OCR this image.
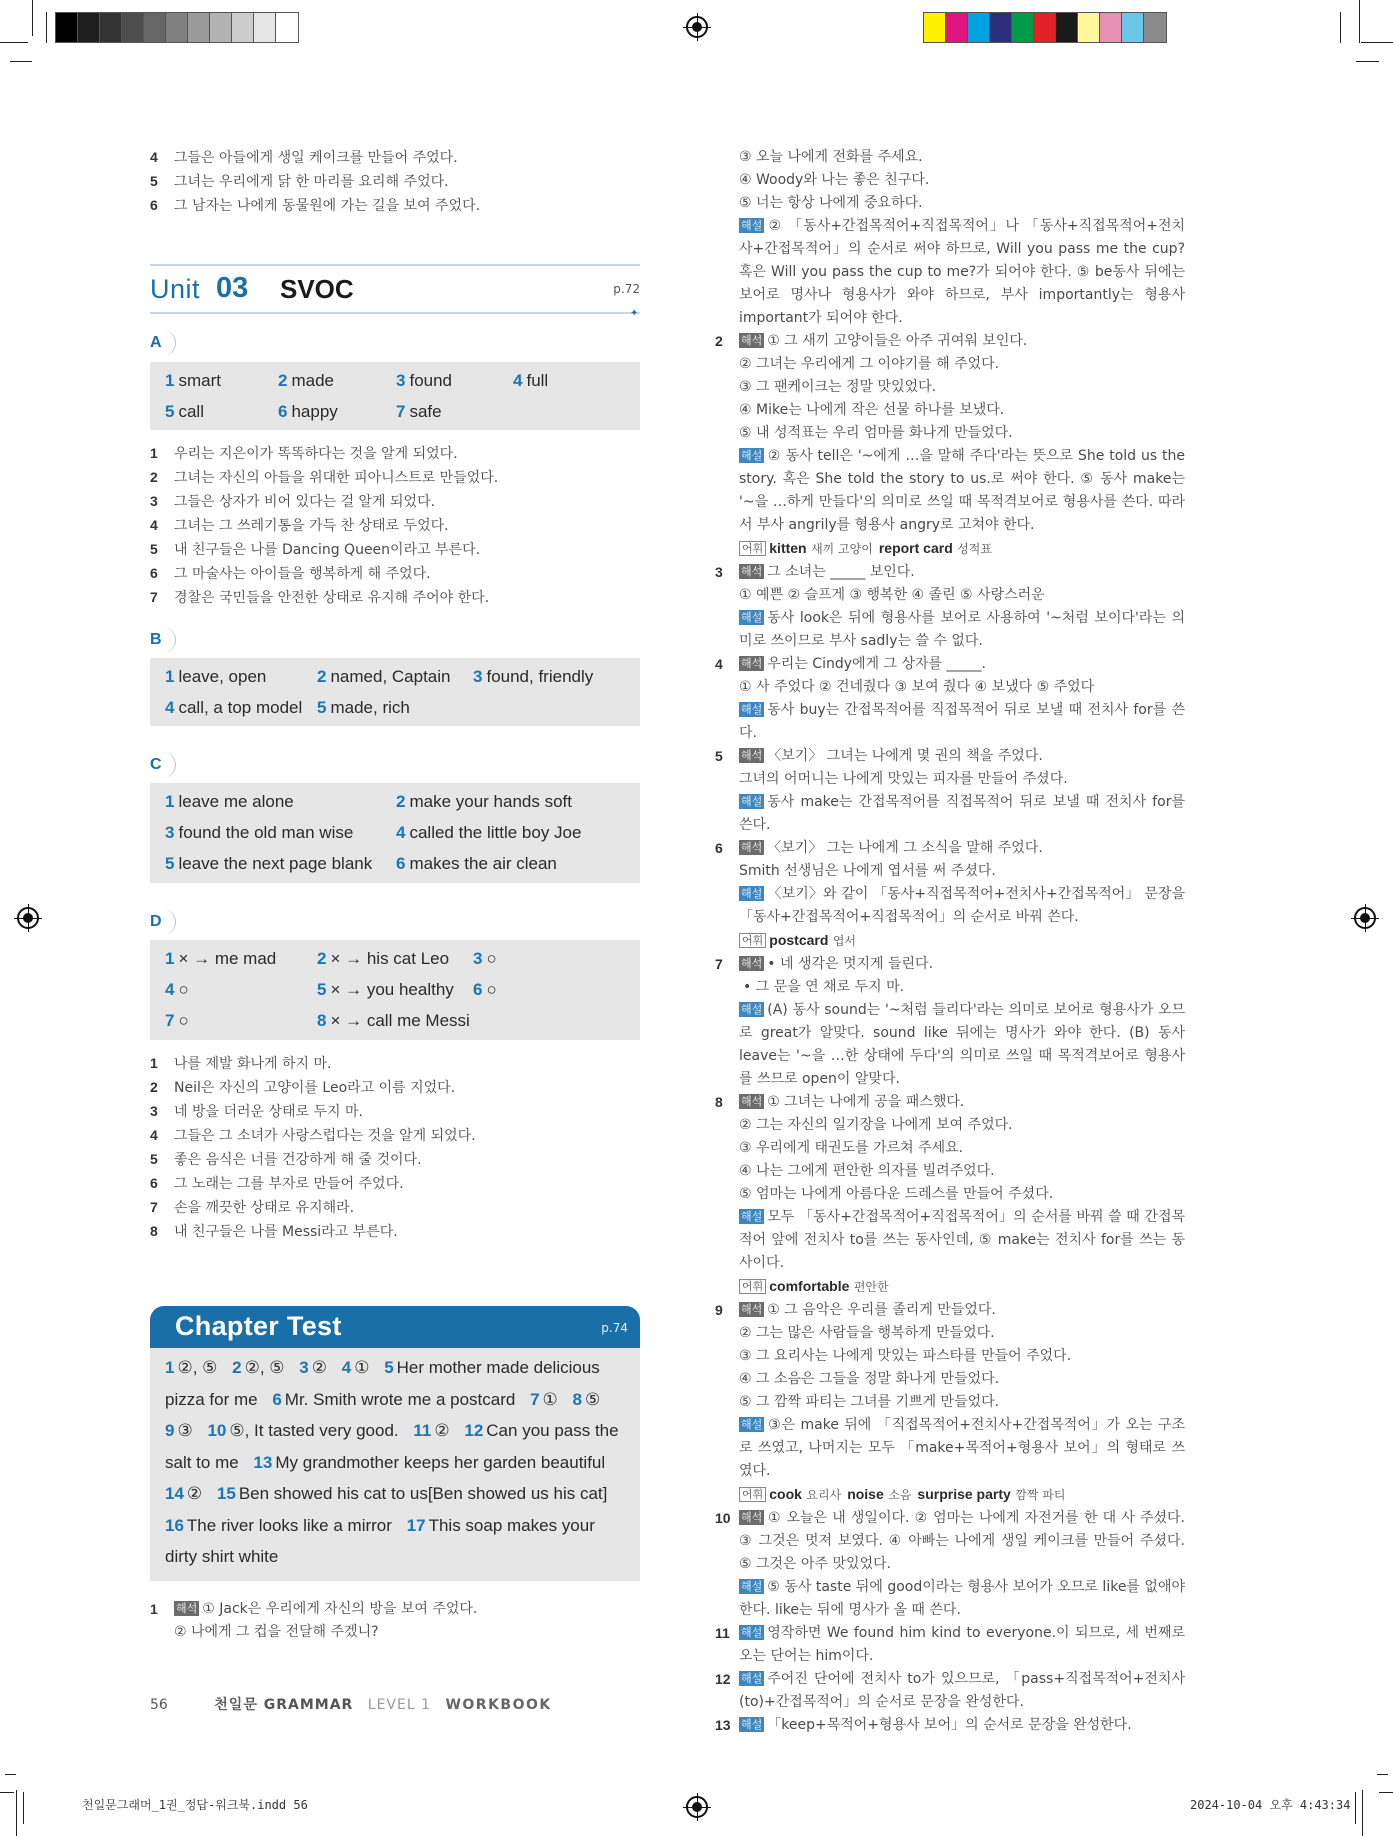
천일문그래머_1권_정답-워크북.indd 56	2024-10-04 오후 4:43:34
4 그들은 아들에게 생일 케이크를 만들어 주었다.
5 그녀는 우리에게 닭 한 마리를 요리해 주었다.
6 그 남자는 나에게 동물원에 가는 길을 보여 주었다.
Unit 03 SVOC	p.72
✦
A
1 smart	2 made	3 found	4 full
5 call	6 happy	7 safe
1 우리는 지은이가 똑똑하다는 것을 알게 되었다.
2 그녀는 자신의 아들을 위대한 피아니스트로 만들었다.
3 그들은 상자가 비어 있다는 걸 알게 되었다.
4 그녀는 그 쓰레기통을 가득 찬 상태로 두었다.
5 내 친구들은 나를 Dancing Queen이라고 부른다.
6 그 마술사는 아이들을 행복하게 해 주었다.
7 경찰은 국민들을 안전한 상태로 유지해 주어야 한다.
B
1 leave, open	2 named, Captain 3 found, friendly
4 call, a top model 5 made, rich
C
1 leave me alone	2 make your hands soft
3 found the old man wise	4 called the little boy Joe
5 leave the next page blank 6 makes the air clean
D
1 × → me mad 2 × → his cat Leo 3 ○
4 ○	5 × → you healthy 6 ○
7 ○	8 × → call me Messi
1 나를 제발 화나게 하지 마.
2 Neil은 자신의 고양이를 Leo라고 이름 지었다.
3 네 방을 더러운 상태로 두지 마.
4 그들은 그 소녀가 사랑스럽다는 것을 알게 되었다.
5 좋은 음식은 너를 건강하게 해 줄 것이다.
6 그 노래는 그를 부자로 만들어 주었다.
7 손을 깨끗한 상태로 유지해라.
8 내 친구들은 나를 Messi라고 부른다.
Chapter Test	p.74
1 ②, ⑤ 2 ②, ⑤ 3 ② 4 ① 5 Her mother made delicious pizza for me 6 Mr. Smith wrote me a postcard 7 ① 8 ⑤ 9 ③ 10 ⑤, It tasted very good. 11 ② 12 Can you pass the salt to me 13 My grandmother keeps her garden beautiful 14 ② 15 Ben showed his cat to us[Ben showed us his cat] 16 The river looks like a mirror 17 This soap makes your dirty shirt white
1	해석 ① Jack은 우리에게 자신의 방을 보여 주었다.
② 나에게 그 컵을 전달해 주겠니?
③ 오늘 나에게 전화를 주세요.
④ Woody와 나는 좋은 친구다.
⑤ 너는 항상 나에게 중요하다.
해설 ② 「동사+간접목적어+직접목적어」나 「동사+직접목적어+전치사+간접목적어」의 순서로 써야 하므로, Will you pass me the cup? 혹은 Will you pass the cup to me?가 되어야 한다. ⑤ be동사 뒤에는 보어로 명사나 형용사가 와야 하므로, 부사 importantly는 형용사 important가 되어야 한다.
2	해석 ① 그 새끼 고양이들은 아주 귀여워 보인다.
② 그녀는 우리에게 그 이야기를 해 주었다.
③ 그 팬케이크는 정말 맛있었다.
④ Mike는 나에게 작은 선물 하나를 보냈다.
⑤ 내 성적표는 우리 엄마를 화나게 만들었다.
해설 ② 동사 tell은 '~에게 …을 말해 주다'라는 뜻으로 She told us the story. 혹은 She told the story to us.로 써야 한다. ⑤ 동사 make는 '~을 …하게 만들다'의 의미로 쓰일 때 목적격보어로 형용사를 쓴다. 따라서 부사 angrily를 형용사 angry로 고쳐야 한다.
어휘 kitten 새끼 고양이 report card 성적표
3	해석 그 소녀는 _____ 보인다.
① 예쁜 ② 슬프게 ③ 행복한 ④ 졸린 ⑤ 사랑스러운
해설 동사 look은 뒤에 형용사를 보어로 사용하여 '~처럼 보이다'라는 의미로 쓰이므로 부사 sadly는 쓸 수 없다.
4	해석 우리는 Cindy에게 그 상자를 _____.
① 사 주었다 ② 건네줬다 ③ 보여 줬다 ④ 보냈다 ⑤ 주었다
해설 동사 buy는 간접목적어를 직접목적어 뒤로 보낼 때 전치사 for를 쓴다.
5	해석 〈보기〉 그녀는 나에게 몇 권의 책을 주었다.
그녀의 어머니는 나에게 맛있는 피자를 만들어 주셨다.
해설 동사 make는 간접목적어를 직접목적어 뒤로 보낼 때 전치사 for를 쓴다.
6	해석 〈보기〉 그는 나에게 그 소식을 말해 주었다.
Smith 선생님은 나에게 엽서를 써 주셨다.
해설 〈보기〉와 같이 「동사+직접목적어+전치사+간접목적어」 문장을 「동사+간접목적어+직접목적어」의 순서로 바꿔 쓴다.
어휘 postcard 엽서
7	해석 • 네 생각은 멋지게 들린다.
• 그 문을 연 채로 두지 마.
해설 (A) 동사 sound는 '~처럼 들리다'라는 의미로 보어로 형용사가 오므로 great가 알맞다. sound like 뒤에는 명사가 와야 한다. (B) 동사 leave는 '~을 …한 상태에 두다'의 의미로 쓰일 때 목적격보어로 형용사를 쓰므로 open이 알맞다.
8	해석 ① 그녀는 나에게 공을 패스했다.
② 그는 자신의 일기장을 나에게 보여 주었다.
③ 우리에게 태권도를 가르쳐 주세요.
④ 나는 그에게 편안한 의자를 빌려주었다.
⑤ 엄마는 나에게 아름다운 드레스를 만들어 주셨다.
해설 모두 「동사+간접목적어+직접목적어」의 순서를 바꿔 쓸 때 간접목적어 앞에 전치사 to를 쓰는 동사인데, ⑤ make는 전치사 for를 쓰는 동사이다.
어휘 comfortable 편안한
9	해석 ① 그 음악은 우리를 졸리게 만들었다.
② 그는 많은 사람들을 행복하게 만들었다.
③ 그 요리사는 나에게 맛있는 파스타를 만들어 주었다.
④ 그 소음은 그들을 정말 화나게 만들었다.
⑤ 그 깜짝 파티는 그녀를 기쁘게 만들었다.
해설 ③은 make 뒤에 「직접목적어+전치사+간접목적어」가 오는 구조로 쓰였고, 나머지는 모두 「make+목적어+형용사 보어」의 형태로 쓰였다.
어휘 cook 요리사 noise 소음 surprise party 깜짝 파티
10 해석 ① 오늘은 내 생일이다. ② 엄마는 나에게 자전거를 한 대 사 주셨다. ③ 그것은 멋져 보였다. ④ 아빠는 나에게 생일 케이크를 만들어 주셨다. ⑤ 그것은 아주 맛있었다.
해설 ⑤ 동사 taste 뒤에 good이라는 형용사 보어가 오므로 like를 없애야 한다. like는 뒤에 명사가 올 때 쓴다.
11	해설 영작하면 We found him kind to everyone.이 되므로, 세 번째로 오는 단어는 him이다.
12 해설 주어진 단어에 전치사 to가 있으므로, 「pass+직접목적어+전치사(to)+간접목적어」의 순서로 문장을 완성한다.
13 해설 「keep+목적어+형용사 보어」의 순서로 문장을 완성한다.
56	천일문 GRAMMAR LEVEL 1 WORKBOOK
